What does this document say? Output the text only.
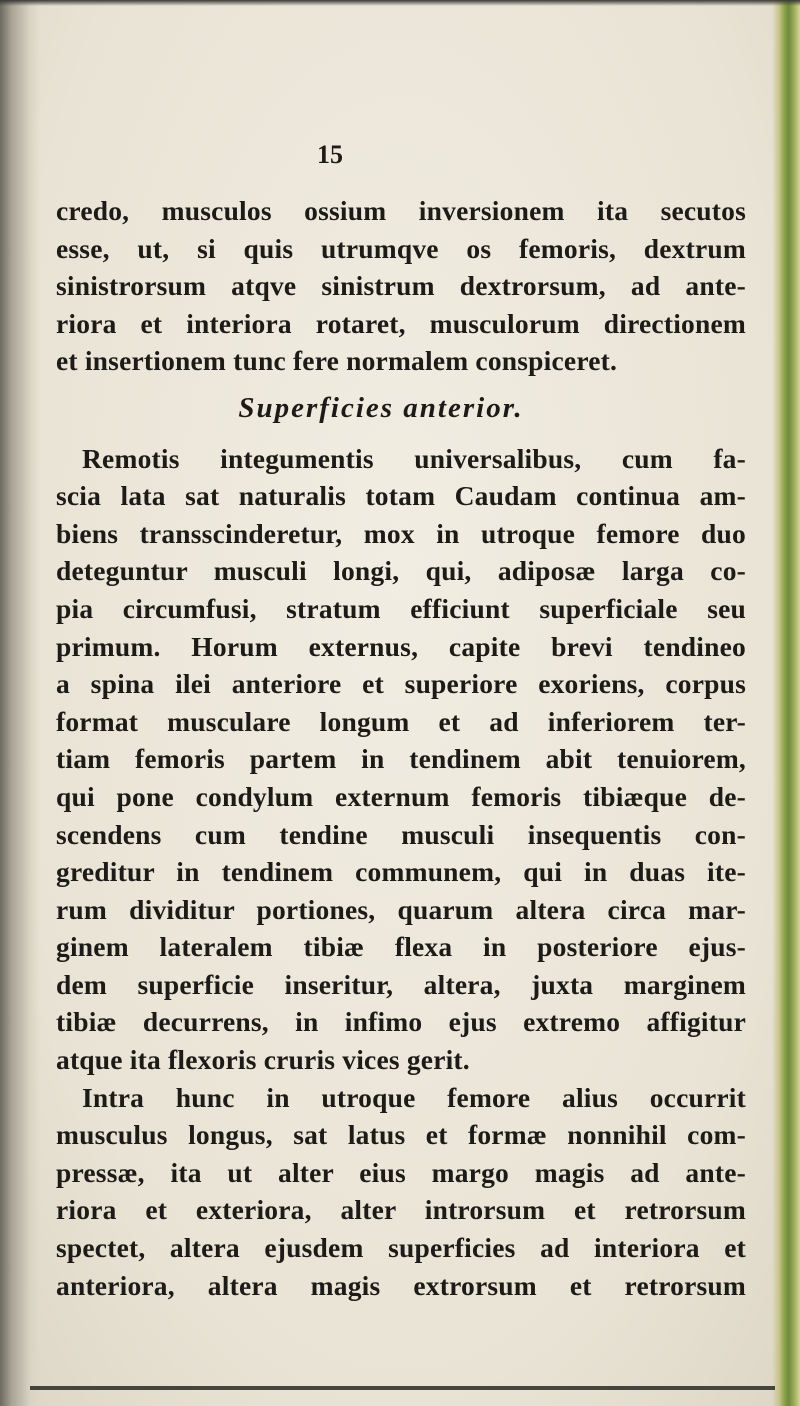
15
credo, musculos ossium inversionem ita secutos
esse, ut, si quis utrumqve os femoris, dextrum
sinistrorsum atqve sinistrum dextrorsum, ad ante-
riora et interiora rotaret, musculorum directionem
et insertionem tunc fere normalem conspiceret.
Superficies anterior.
Remotis integumentis universalibus, cum fa-
scia lata sat naturalis totam Caudam continua am-
biens transscinderetur, mox in utroque femore duo
deteguntur musculi longi, qui, adiposæ larga co-
pia circumfusi, stratum efficiunt superficiale seu
primum. Horum externus, capite brevi tendineo
a spina ilei anteriore et superiore exoriens, corpus
format musculare longum et ad inferiorem ter-
tiam femoris partem in tendinem abit tenuiorem,
qui pone condylum externum femoris tibiæque de-
scendens cum tendine musculi insequentis con-
greditur in tendinem communem, qui in duas ite-
rum dividitur portiones, quarum altera circa mar-
ginem lateralem tibiæ flexa in posteriore ejus-
dem superficie inseritur, altera, juxta marginem
tibiæ decurrens, in infimo ejus extremo affigitur
atque ita flexoris cruris vices gerit.
Intra hunc in utroque femore alius occurrit
musculus longus, sat latus et formæ nonnihil com-
pressæ, ita ut alter eius margo magis ad ante-
riora et exteriora, alter introrsum et retrorsum
spectet, altera ejusdem superficies ad interiora et
anteriora, altera magis extrorsum et retrorsum
